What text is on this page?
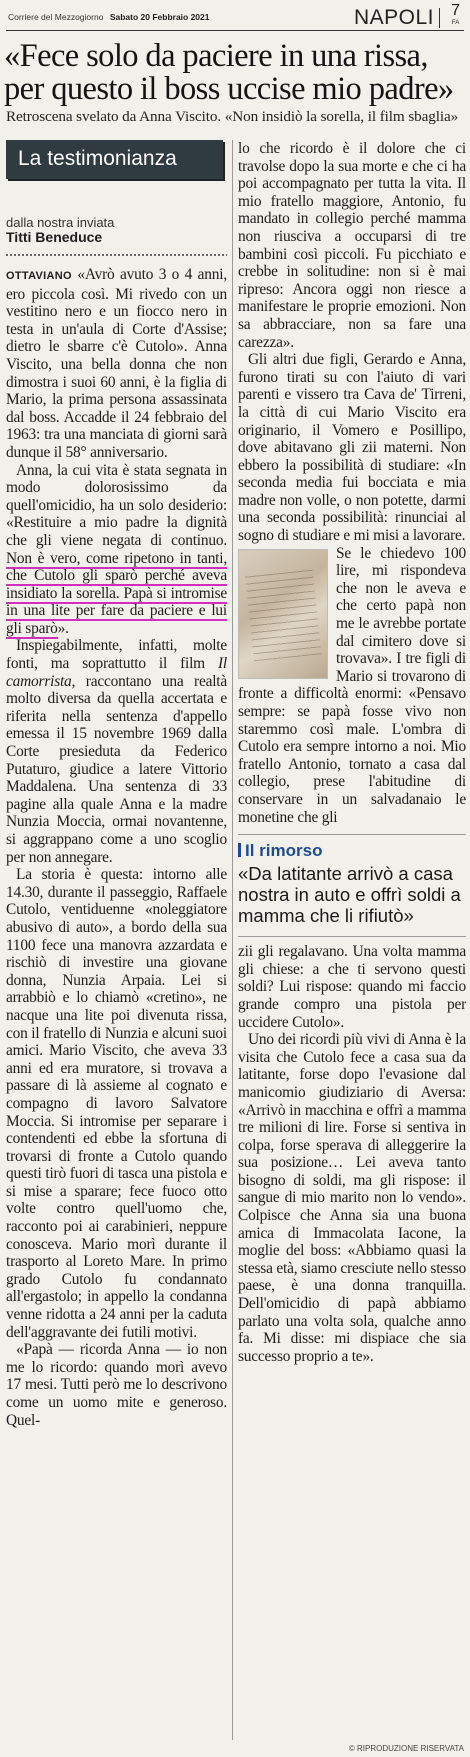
Corriere del Mezzogiorno Sabato 20 Febbraio 2021	NAPOLI 7
FA
«Fece solo da paciere in una rissa, per questo il boss uccise mio padre»
Retroscena svelato da Anna Viscito. «Non insidiò la sorella, il film sbaglia»
La testimonianza
dalla nostra inviata
Titti Beneduce

OTTAVIANO «Avrò avuto 3 o 4 anni, ero piccola così. Mi rivedo con un vestitino nero e un fiocco nero in testa in un'aula di Corte d'Assise; dietro le sbarre c'è Cutolo». Anna Viscito, una bella donna che non dimostra i suoi 60 anni, è la figlia di Mario, la prima persona assassinata dal boss. Accadde il 24 febbraio del 1963: tra una manciata di giorni sarà dunque il 58° anniversario.

Anna, la cui vita è stata segnata in modo dolorosissimo da quell'omicidio, ha un solo desiderio: «Restituire a mio padre la dignità che gli viene negata di continuo. Non è vero, come ripetono in tanti, che Cutolo gli sparò perché aveva insidiato la sorella. Papà si intromise in una lite per fare da paciere e lui gli sparò».

Inspiegabilmente, infatti, molte fonti, ma soprattutto il film Il camorrista, raccontano una realtà molto diversa da quella accertata e riferita nella sentenza d'appello emessa il 15 novembre 1969 dalla Corte presieduta da Federico Putaturo, giudice a latere Vittorio Maddalena. Una sentenza di 33 pagine alla quale Anna e la madre Nunzia Moccia, ormai novantenne, si aggrappano come a uno scoglio per non annegare.

La storia è questa: intorno alle 14.30, durante il passeggio, Raffaele Cutolo, ventiduenne «noleggiatore abusivo di auto», a bordo della sua 1100 fece una manovra azzardata e rischiò di investire una giovane donna, Nunzia Arpaia. Lei si arrabbiò e lo chiamò «cretino», ne nacque una lite poi divenuta rissa, con il fratello di Nunzia e alcuni suoi amici. Mario Viscito, che aveva 33 anni ed era muratore, si trovava a passare di là assieme al cognato e compagno di lavoro Salvatore Moccia. Si intromise per separare i contendenti ed ebbe la sfortuna di trovarsi di fronte a Cutolo quando questi tirò fuori di tasca una pistola e si mise a sparare; fece fuoco otto volte contro quell'uomo che, racconto poi ai carabinieri, neppure conosceva. Mario morì durante il trasporto al Loreto Mare. In primo grado Cutolo fu condannato all'ergastolo; in appello la condanna venne ridotta a 24 anni per la caduta dell'aggravante dei futili motivi.

«Papà — ricorda Anna — io non me lo ricordo: quando morì avevo 17 mesi. Tutti però me lo descrivono come un uomo mite e generoso. Quel-

lo che ricordo è il dolore che ci travolse dopo la sua morte e che ci ha poi accompagnato per tutta la vita. Il mio fratello maggiore, Antonio, fu mandato in collegio perché mamma non riusciva a occuparsi di tre bambini così piccoli. Fu picchiato e crebbe in solitudine: non si è mai ripreso: Ancora oggi non riesce a manifestare le proprie emozioni. Non sa abbracciare, non sa fare una carezza».

Gli altri due figli, Gerardo e Anna, furono tirati su con l'aiuto di vari parenti e vissero tra Cava de' Tirreni, la città di cui Mario Viscito era originario, il Vomero e Posillipo, dove abitavano gli zii materni. Non ebbero la possibilità di studiare: «In seconda media fui bocciata e mia madre non volle, o non potette, darmi una seconda possibilità: rinunciai al sogno di studiare e mi misi a lavorare.

Se le chiedevo 100 lire, mi rispondeva che non le aveva e che certo papà non me le avrebbe portate dal cimitero dove si trovava». I tre figli di Mario si trovarono di fronte a difficoltà enormi: «Pensavo sempre: se papà fosse vivo non staremmo così male. L'ombra di Cutolo era sempre intorno a noi. Mio fratello Antonio, tornato a casa dal collegio, prese l'abitudine di conservare in un salvadanaio le monetine che gli

Il rimorso
«Da latitante arrivò a casa nostra in auto e offrì soldi a mamma che li rifiutò»

zii gli regalavano. Una volta mamma gli chiese: a che ti servono questi soldi? Lui rispose: quando mi faccio grande compro una pistola per uccidere Cutolo».

Uno dei ricordi più vivi di Anna è la visita che Cutolo fece a casa sua da latitante, forse dopo l'evasione dal manicomio giudiziario di Aversa: «Arrivò in macchina e offrì a mamma tre milioni di lire. Forse si sentiva in colpa, forse sperava di alleggerire la sua posizione… Lei aveva tanto bisogno di soldi, ma gli rispose: il sangue di mio marito non lo vendo». Colpisce che Anna sia una buona amica di Immacolata Iacone, la moglie del boss: «Abbiamo quasi la stessa età, siamo cresciute nello stesso paese, è una donna tranquilla. Dell'omicidio di papà abbiamo parlato una volta sola, qualche anno fa. Mi disse: mi dispiace che sia successo proprio a te».

© RIPRODUZIONE RISERVATA
